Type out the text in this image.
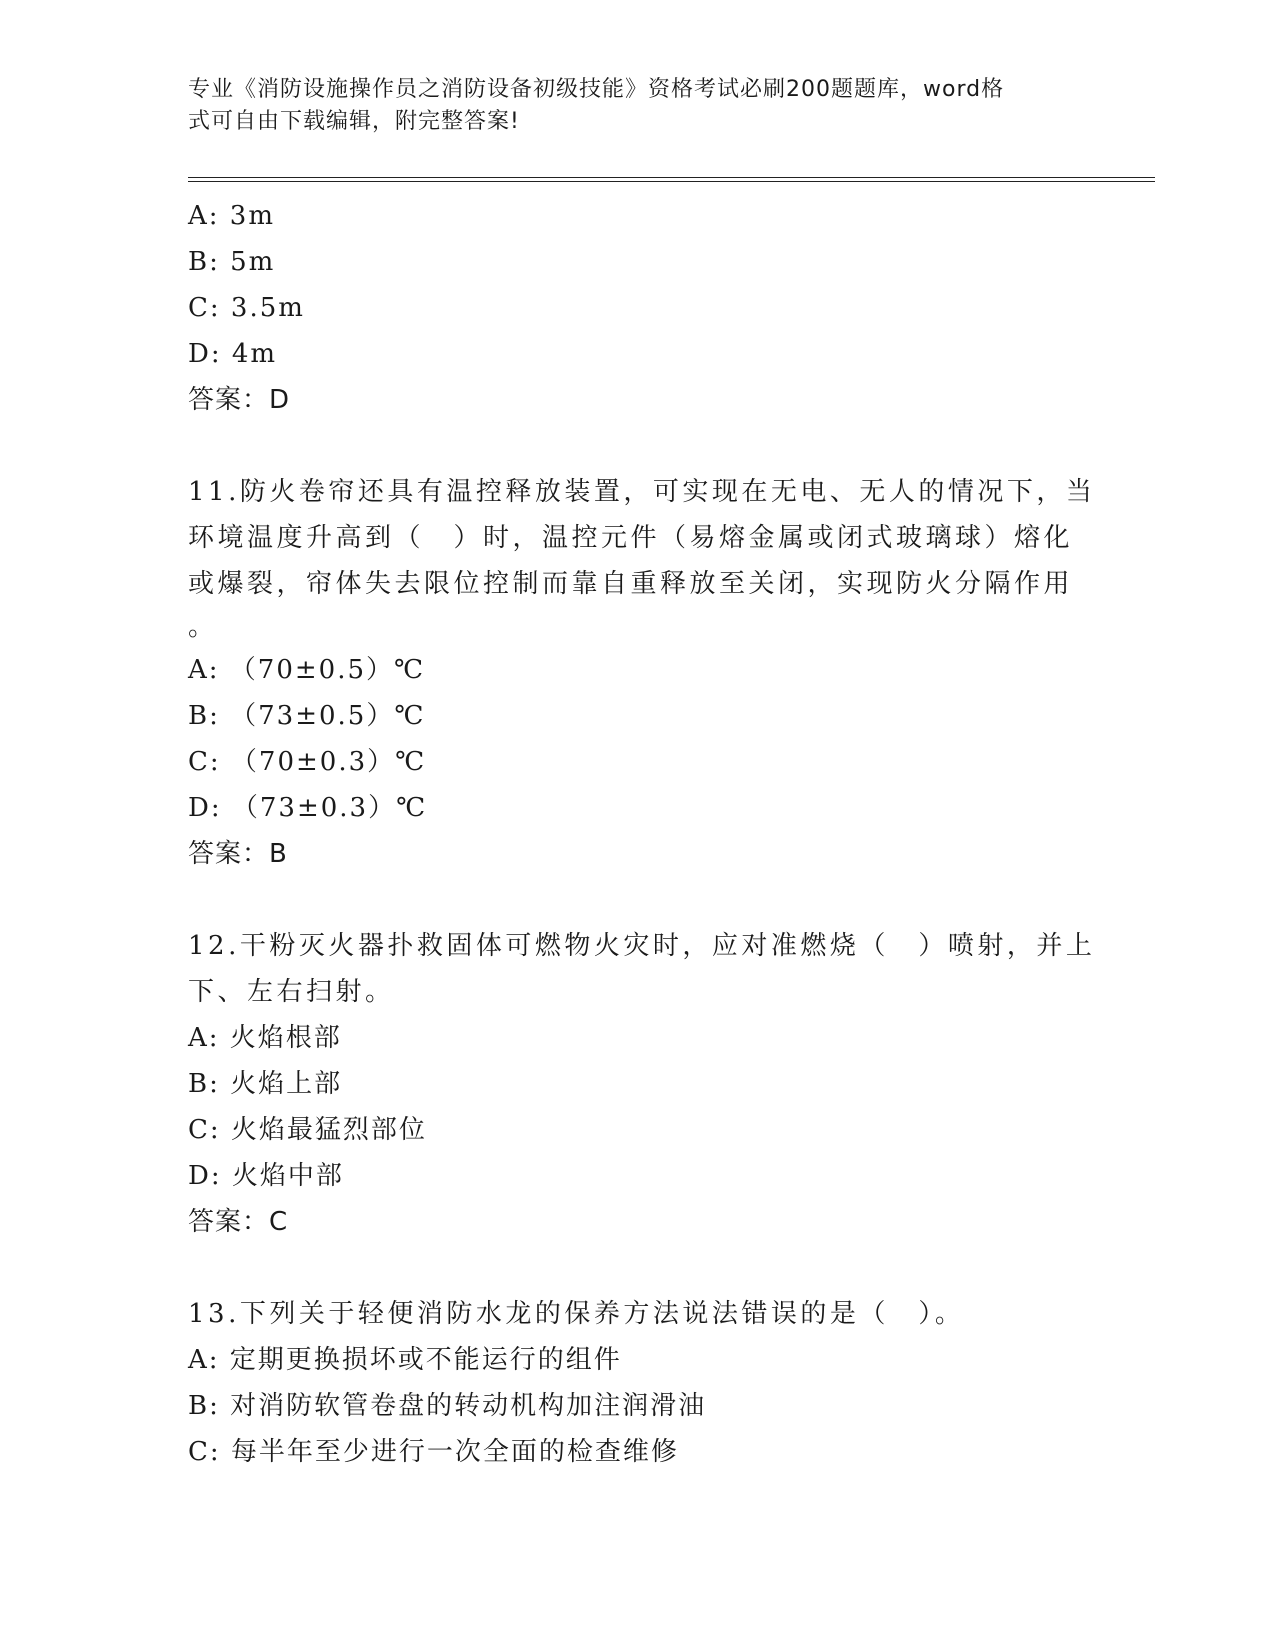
专业《消防设施操作员之消防设备初级技能》资格考试必刷200题题库，word格
式可自由下载编辑，附完整答案!
A: 3m
B: 5m
C: 3.5m
D: 4m
答案：D
11.防火卷帘还具有温控释放装置，可实现在无电、无人的情况下，当
环境温度升高到（　）时，温控元件（易熔金属或闭式玻璃球）熔化
或爆裂，帘体失去限位控制而靠自重释放至关闭，实现防火分隔作用
。
A: （70±0.5）℃
B: （73±0.5）℃
C: （70±0.3）℃
D: （73±0.3）℃
答案：B
12.干粉灭火器扑救固体可燃物火灾时，应对准燃烧（　）喷射，并上
下、左右扫射。
A: 火焰根部
B: 火焰上部
C: 火焰最猛烈部位
D: 火焰中部
答案：C
13.下列关于轻便消防水龙的保养方法说法错误的是（　）。
A: 定期更换损坏或不能运行的组件
B: 对消防软管卷盘的转动机构加注润滑油
C: 每半年至少进行一次全面的检查维修
